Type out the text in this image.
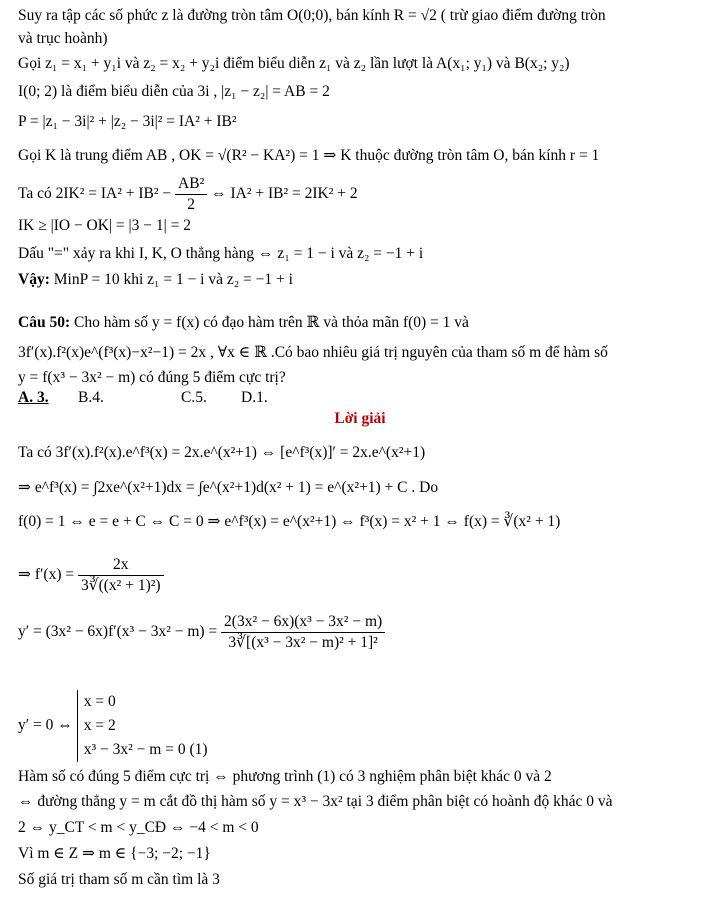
Suy ra tập các số phức z là đường tròn tâm O(0;0), bán kính R = √2 ( trừ giao điểm đường tròn
và trục hoành)
Gọi z₁ = x₁ + y₁i và z₂ = x₂ + y₂i điểm biểu diễn z₁ và z₂ lần lượt là A(x₁; y₁) và B(x₂; y₂)
I(0; 2) là điểm biểu diễn của 3i , |z₁ − z₂| = AB = 2
P = |z₁ − 3i|² + |z₂ − 3i|² = IA² + IB²
Gọi K là trung điểm AB , OK = √(R² − KA²) = 1 ⇒ K thuộc đường tròn tâm O, bán kính r = 1
Ta có $2IK^2 = IA^2 + IB^2 - \frac{\text{AB²}}{2}$ ⇔ IA² + IB² = 2IK² + 2
IK ≥ |IO − OK| = |3 − 1| = 2
Dấu "=" xảy ra khi I, K, O thẳng hàng ⇔ z₁ = 1 − i và z₂ = −1 + i
Vậy: MinP = 10 khi z₁ = 1 − i và z₂ = −1 + i
Câu 50: Cho hàm số y = f(x) có đạo hàm trên ℝ và thỏa mãn f(0) = 1 và
3f′(x).f²(x)e^(f³(x)−x²−1) = 2x , ∀x ∈ ℝ .Có bao nhiêu giá trị nguyên của tham số m để hàm số
y = f(x³ − 3x² − m) có đúng 5 điểm cực trị?
A. 3. B.4.	C.5. D.1.
Lời giải
Ta có 3f′(x).f²(x).e^f³(x) = 2x.e^(x²+1) ⇔ [e^f³(x)]′ = 2x.e^(x²+1)
⇒ e^f³(x) = ∫2xe^(x²+1)dx = ∫e^(x²+1)d(x² + 1) = e^(x²+1) + C . Do
f(0) = 1 ⇔ e = e + C ⇔ C = 0 ⇒ e^f³(x) = e^(x²+1) ⇔ f³(x) = x² + 1 ⇔ f(x) = ∛(x² + 1)
⇒ $f'(x) = \frac{2x}{\text{3∛((x² + 1)²)}}$
$y' = (3x^2 - 6x)f'(x^3 - 3x^2 - m) = \frac{\text{2(3x² − 6x)(x³ − 3x² − m)}}{\text{3∛[(x³ − 3x² − m)² + 1]²}}$
y′ = 0 ⇔
x = 0
x = 2
x³ − 3x² − m = 0 (1)
Hàm số có đúng 5 điểm cực trị ⇔ phương trình (1) có 3 nghiệm phân biệt khác 0 và 2
⇔ đường thẳng y = m cắt đồ thị hàm số y = x³ − 3x² tại 3 điểm phân biệt có hoành độ khác 0 và
2 ⇔ y_CT < m < y_CĐ ⇔ −4 < m < 0
Vì m ∈ Z ⇒ m ∈ {−3; −2; −1}
Số giá trị tham số m cần tìm là 3
